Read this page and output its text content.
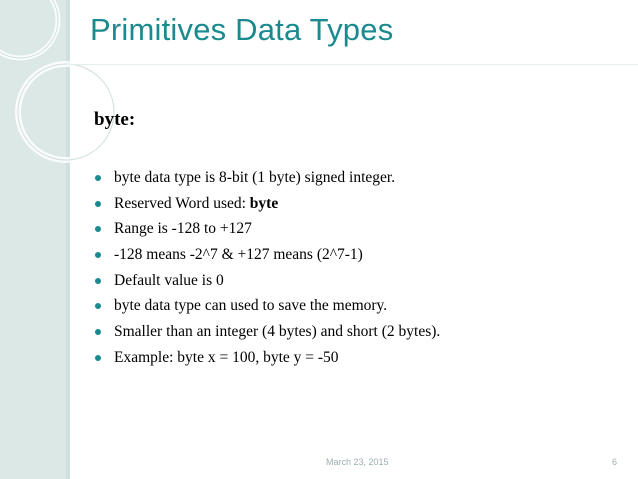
Primitives Data Types
byte:
byte data type is 8-bit (1 byte) signed integer.
Reserved Word used: byte
Range is -128 to +127
-128 means -2^7 & +127 means (2^7-1)
Default value is 0
byte data type can used to save the memory.
Smaller than an integer (4 bytes) and short (2 bytes).
Example: byte x = 100, byte y = -50
March 23, 2015	6
